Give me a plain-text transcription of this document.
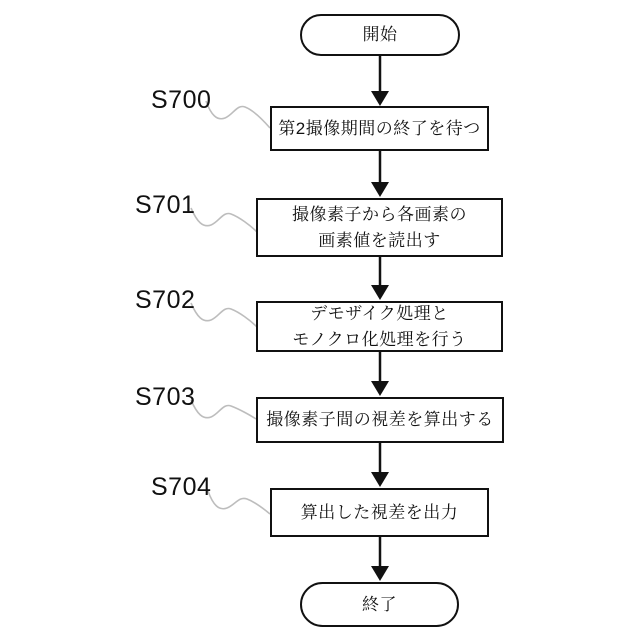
開始
S700
第2撮像期間の終了を待つ
S701	撮像素子から各画素の
画素値を読出す
S702	デモザイク処理と
モノクロ化処理を行う
S703
撮像素子間の視差を算出する
S704
算出した視差を出力
終了
